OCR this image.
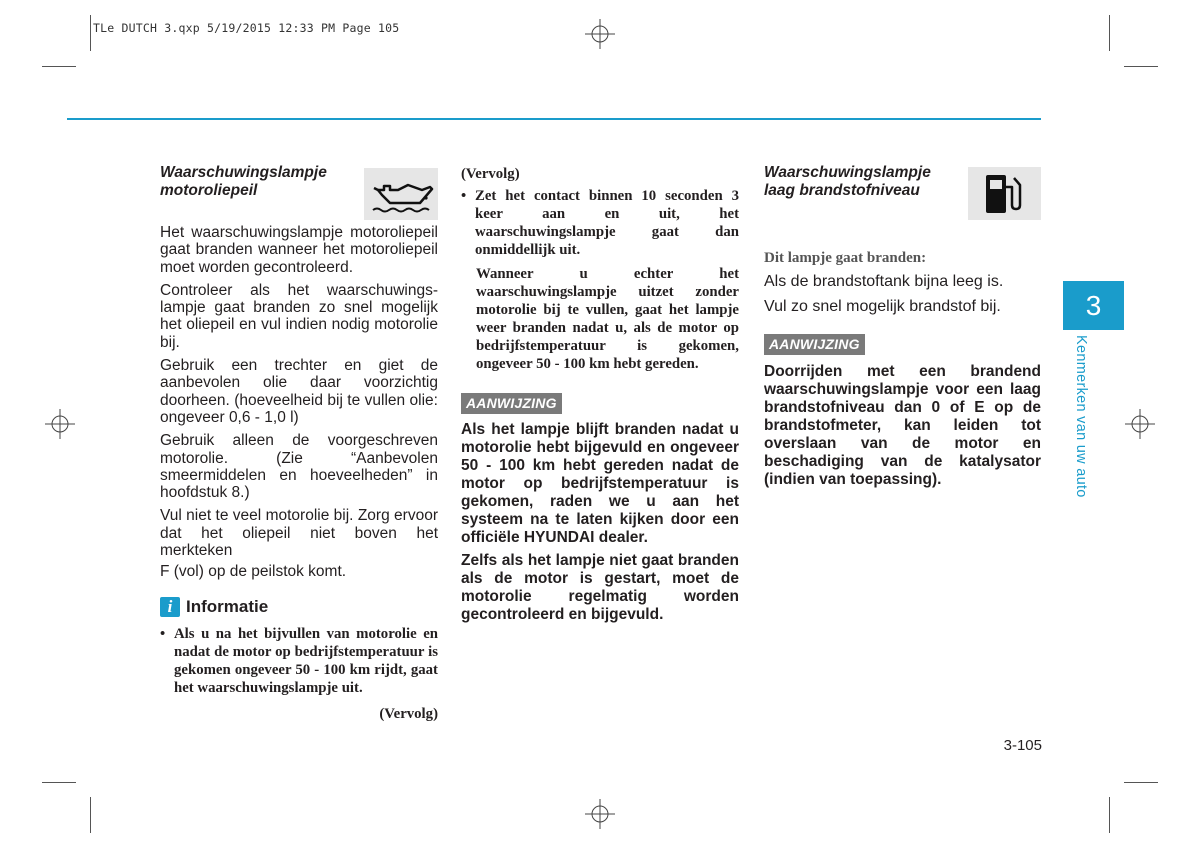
TLe DUTCH 3.qxp 5/19/2015 12:33 PM Page 105
Waarschuwingslampje
motoroliepeil

Het waarschuwingslampje motoroliepeil gaat branden wanneer het motoroliepeil moet worden gecontroleerd.

Controleer als het waarschuwings-lampje gaat branden zo snel mogelijk het oliepeil en vul indien nodig motorolie bij.

Gebruik een trechter en giet de aanbevolen olie daar voorzichtig doorheen. (hoeveelheid bij te vullen olie: ongeveer 0,6 - 1,0 l)

Gebruik alleen de voorgeschreven motorolie. (Zie “Aanbevolen smeermiddelen en hoeveelheden” in hoofdstuk 8.)

Vul niet te veel motorolie bij. Zorg ervoor dat het oliepeil niet boven het merkteken

F (vol) op de peilstok komt.

i Informatie
• Als u na het bijvullen van motorolie en nadat de motor op bedrijfstemperatuur is gekomen ongeveer 50 - 100 km rijdt, gaat het waarschuwingslampje uit.
(Vervolg)
(Vervolg)
• Zet het contact binnen 10 seconden 3 keer aan en uit, het waarschuwingslampje gaat dan onmiddellijk uit.
Wanneer u echter het waarschuwingslampje uitzet zonder motorolie bij te vullen, gaat het lampje weer branden nadat u, als de motor op bedrijfstemperatuur is gekomen, ongeveer 50 - 100 km hebt gereden.
AANWIJZING

Als het lampje blijft branden nadat u motorolie hebt bijgevuld en ongeveer 50 - 100 km hebt gereden nadat de motor op bedrijfstemperatuur is gekomen, raden we u aan het systeem na te laten kijken door een officiële HYUNDAI dealer.

Zelfs als het lampje niet gaat branden als de motor is gestart, moet de motorolie regelmatig worden gecontroleerd en bijgevuld.

Waarschuwingslampje
laag brandstofniveau
Dit lampje gaat branden:

Als de brandstoftank bijna leeg is.

Vul zo snel mogelijk brandstof bij.

AANWIJZING

Doorrijden met een brandend waarschuwingslampje voor een laag brandstofniveau dan 0 of E op de brandstofmeter, kan leiden tot overslaan van de motor en beschadiging van de katalysator (indien van toepassing).

3
Kenmerken van uw auto
3-105
